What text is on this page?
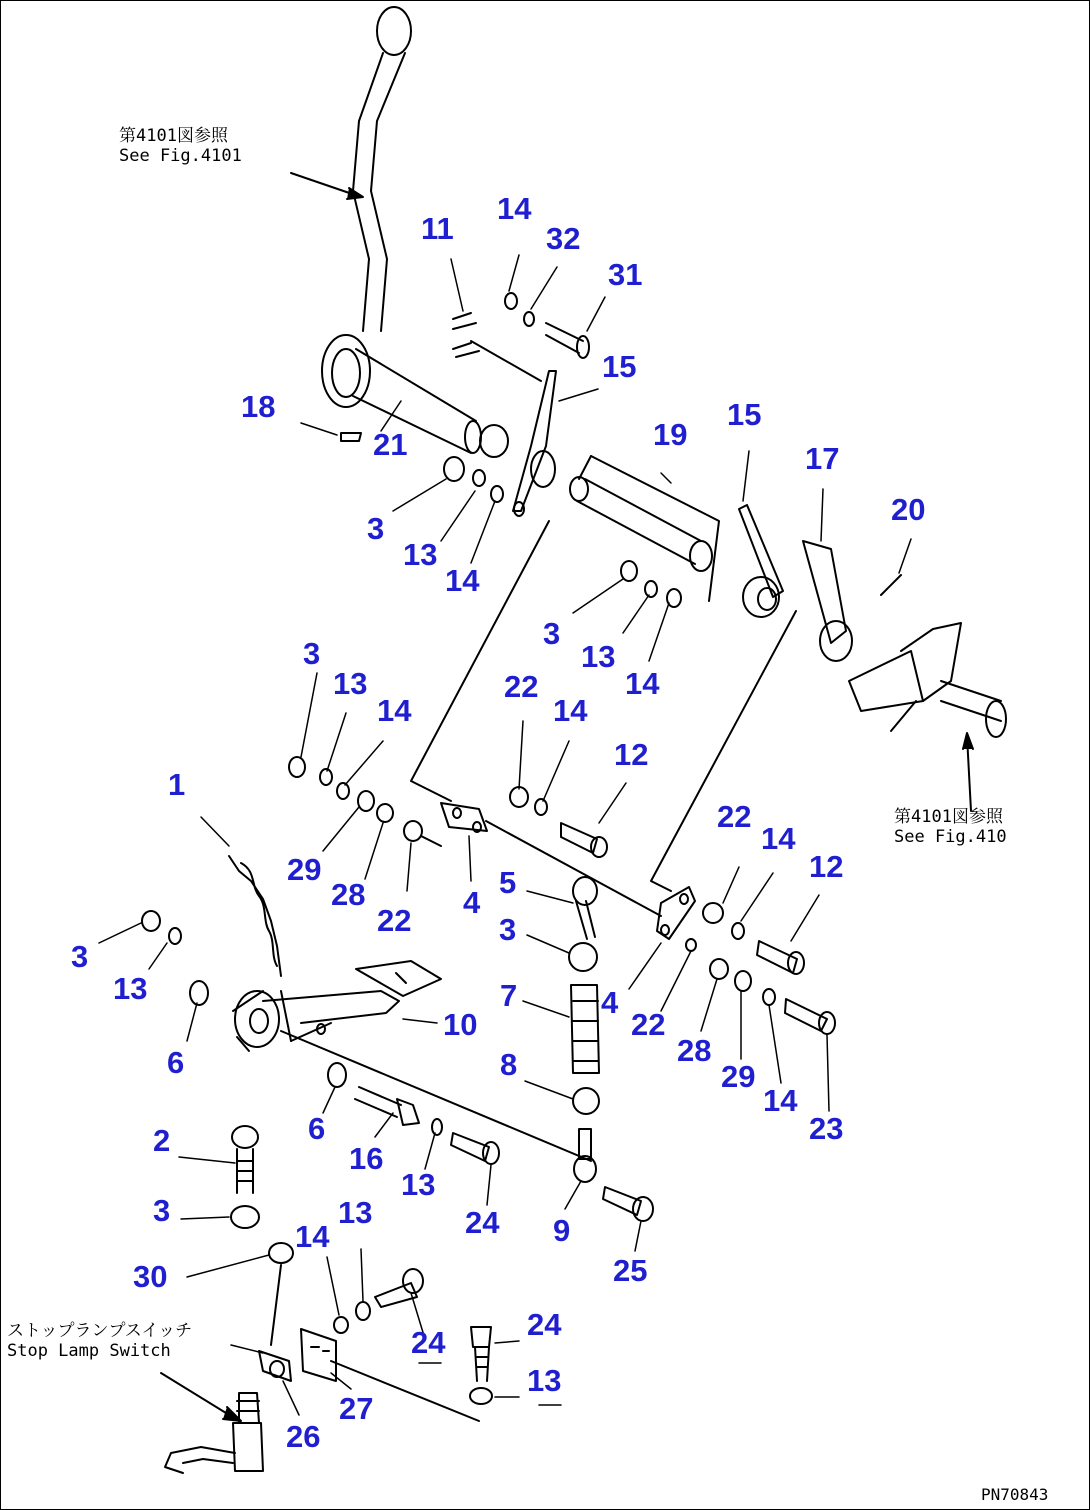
第4101図参照
See Fig.4101
第4101図参照
See Fig.410
ストップランプスイッチ
Stop Lamp Switch
PN70843
11
14
32
31
15
18
21	19
15
17
20
3
13
14
3
13
14
3
13
14
22
14
12
1
29
28
22
4
5
3
22
14
12
3
13
6
10
7	4
22
28
29
14
23
2	6
16
13
24
8
9
25
3
30
14
13
24
24
13
27
26
